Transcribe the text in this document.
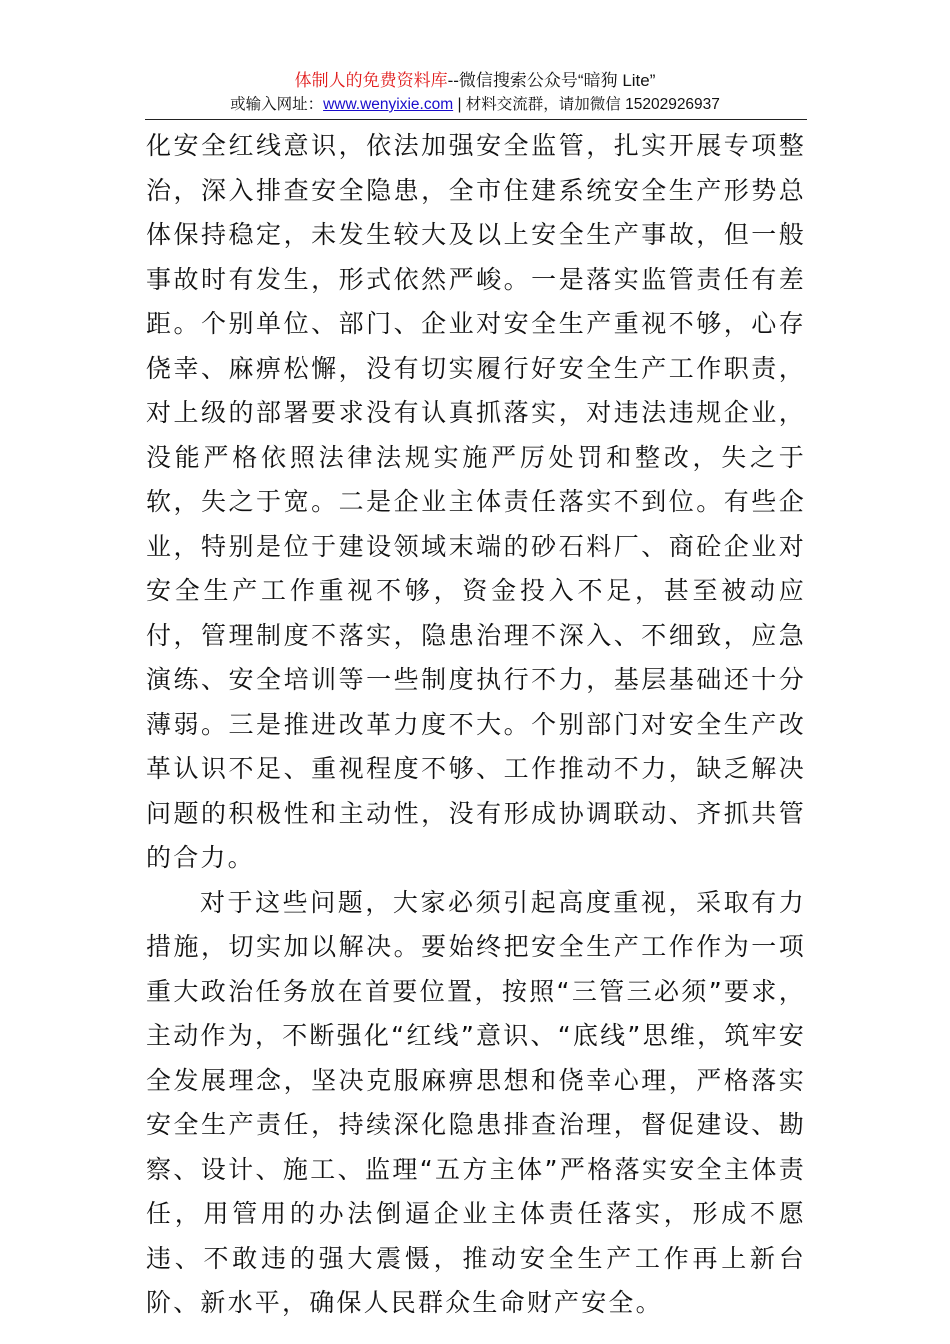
体制人的免费资料库--微信搜索公众号“暗狗 Lite”
或输入网址：www.wenyixie.com | 材料交流群，请加微信 15202926937

化安全红线意识，依法加强安全监管，扎实开展专项整治，深入排查安全隐患，全市住建系统安全生产形势总体保持稳定，未发生较大及以上安全生产事故，但一般事故时有发生，形式依然严峻。一是落实监管责任有差距。个别单位、部门、企业对安全生产重视不够，心存侥幸、麻痹松懈，没有切实履行好安全生产工作职责，对上级的部署要求没有认真抓落实，对违法违规企业，没能严格依照法律法规实施严厉处罚和整改，失之于软，失之于宽。二是企业主体责任落实不到位。有些企业，特别是位于建设领域末端的砂石料厂、商砼企业对安全生产工作重视不够，资金投入不足，甚至被动应付，管理制度不落实，隐患治理不深入、不细致，应急演练、安全培训等一些制度执行不力，基层基础还十分薄弱。三是推进改革力度不大。个别部门对安全生产改革认识不足、重视程度不够、工作推动不力，缺乏解决问题的积极性和主动性，没有形成协调联动、齐抓共管的合力。

对于这些问题，大家必须引起高度重视，采取有力措施，切实加以解决。要始终把安全生产工作作为一项重大政治任务放在首要位置，按照“三管三必须”要求，主动作为，不断强化“红线”意识、“底线”思维，筑牢安全发展理念，坚决克服麻痹思想和侥幸心理，严格落实安全生产责任，持续深化隐患排查治理，督促建设、勘察、设计、施工、监理“五方主体”严格落实安全主体责任，用管用的办法倒逼企业主体责任落实，形成不愿违、不敢违的强大震慑，推动安全生产工作再上新台阶、新水平，确保人民群众生命财产安全。
